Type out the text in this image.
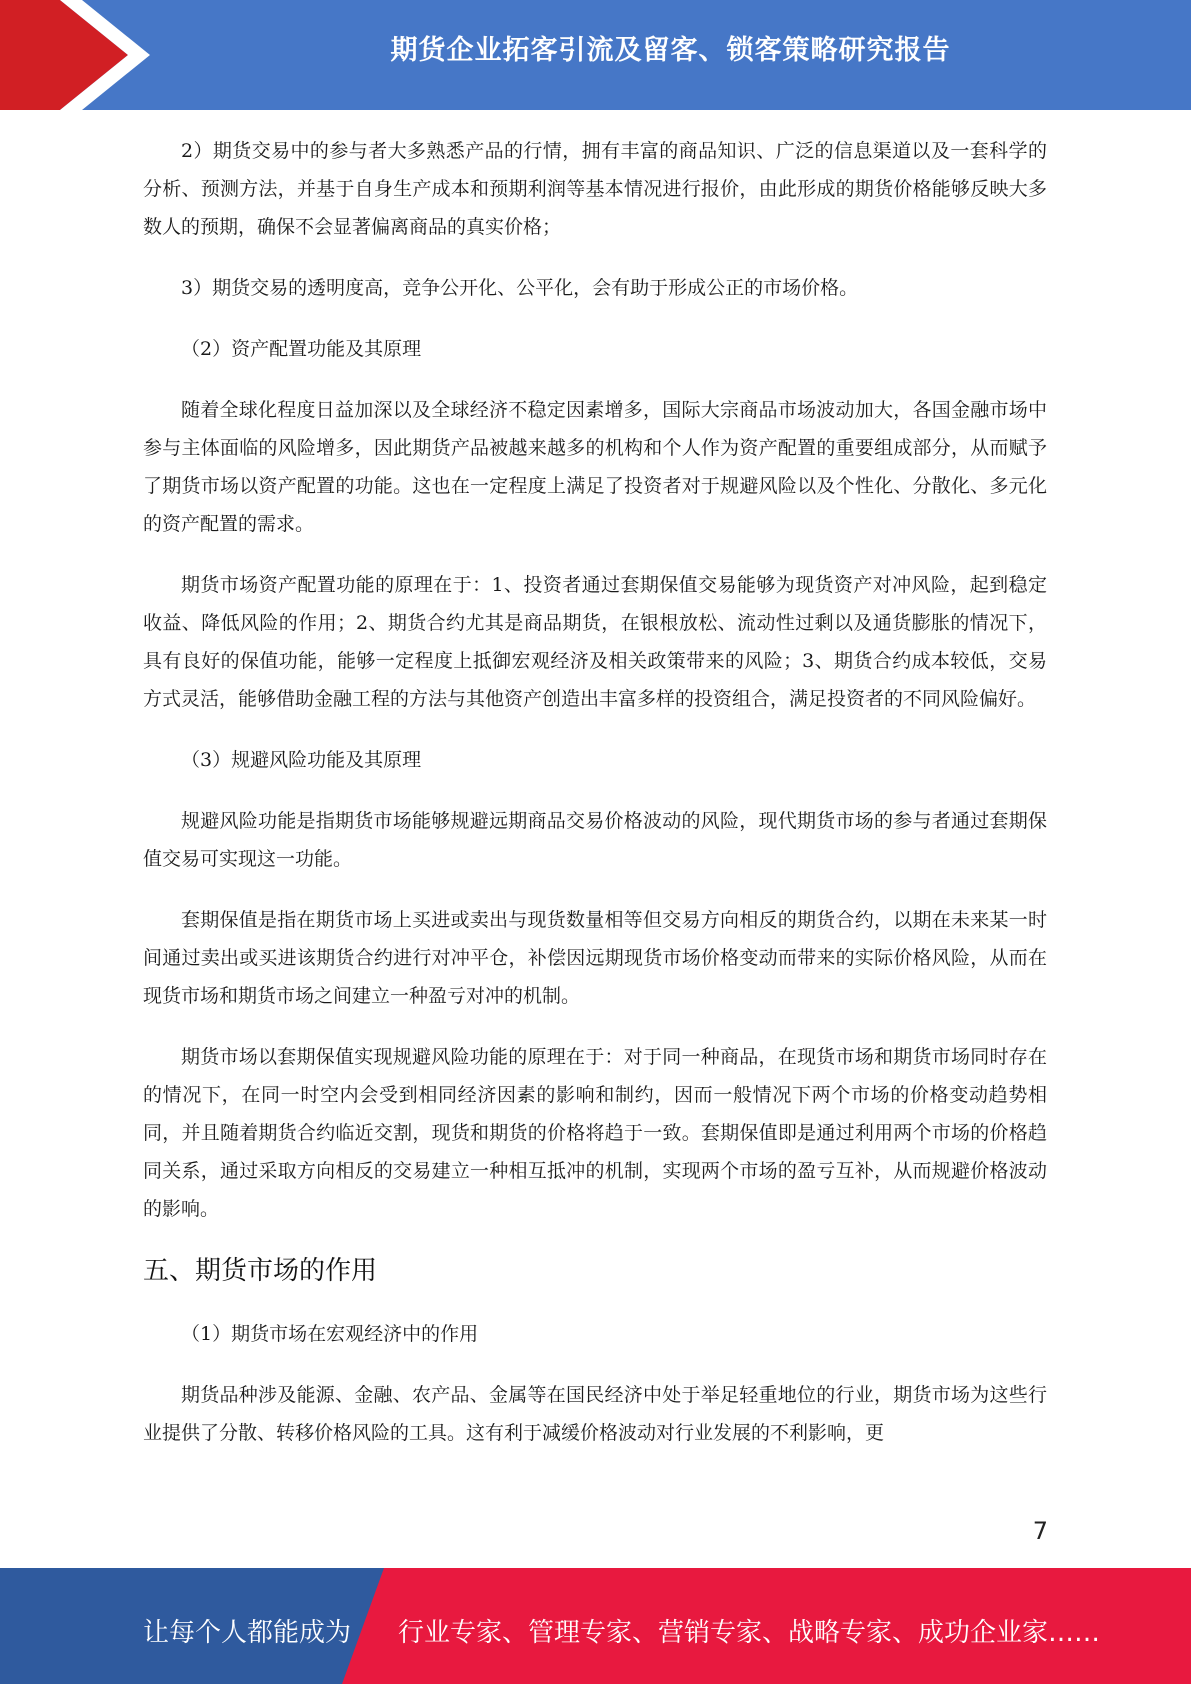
期货企业拓客引流及留客、锁客策略研究报告

2）期货交易中的参与者大多熟悉产品的行情，拥有丰富的商品知识、广泛的信息渠道以及一套科学的分析、预测方法，并基于自身生产成本和预期利润等基本情况进行报价，由此形成的期货价格能够反映大多数人的预期，确保不会显著偏离商品的真实价格；

3）期货交易的透明度高，竞争公开化、公平化，会有助于形成公正的市场价格。

（2）资产配置功能及其原理

随着全球化程度日益加深以及全球经济不稳定因素增多，国际大宗商品市场波动加大，各国金融市场中参与主体面临的风险增多，因此期货产品被越来越多的机构和个人作为资产配置的重要组成部分，从而赋予了期货市场以资产配置的功能。这也在一定程度上满足了投资者对于规避风险以及个性化、分散化、多元化的资产配置的需求。

期货市场资产配置功能的原理在于：1、投资者通过套期保值交易能够为现货资产对冲风险，起到稳定收益、降低风险的作用；2、期货合约尤其是商品期货，在银根放松、流动性过剩以及通货膨胀的情况下，具有良好的保值功能，能够一定程度上抵御宏观经济及相关政策带来的风险；3、期货合约成本较低，交易方式灵活，能够借助金融工程的方法与其他资产创造出丰富多样的投资组合，满足投资者的不同风险偏好。

（3）规避风险功能及其原理

规避风险功能是指期货市场能够规避远期商品交易价格波动的风险，现代期货市场的参与者通过套期保值交易可实现这一功能。

套期保值是指在期货市场上买进或卖出与现货数量相等但交易方向相反的期货合约，以期在未来某一时间通过卖出或买进该期货合约进行对冲平仓，补偿因远期现货市场价格变动而带来的实际价格风险，从而在现货市场和期货市场之间建立一种盈亏对冲的机制。

期货市场以套期保值实现规避风险功能的原理在于：对于同一种商品，在现货市场和期货市场同时存在的情况下，在同一时空内会受到相同经济因素的影响和制约，因而一般情况下两个市场的价格变动趋势相同，并且随着期货合约临近交割，现货和期货的价格将趋于一致。套期保值即是通过利用两个市场的价格趋同关系，通过采取方向相反的交易建立一种相互抵冲的机制，实现两个市场的盈亏互补，从而规避价格波动的影响。

五、期货市场的作用

（1）期货市场在宏观经济中的作用

期货品种涉及能源、金融、农产品、金属等在国民经济中处于举足轻重地位的行业，期货市场为这些行业提供了分散、转移价格风险的工具。这有利于减缓价格波动对行业发展的不利影响，更

7
让每个人都能成为 行业专家、管理专家、营销专家、战略专家、成功企业家……
